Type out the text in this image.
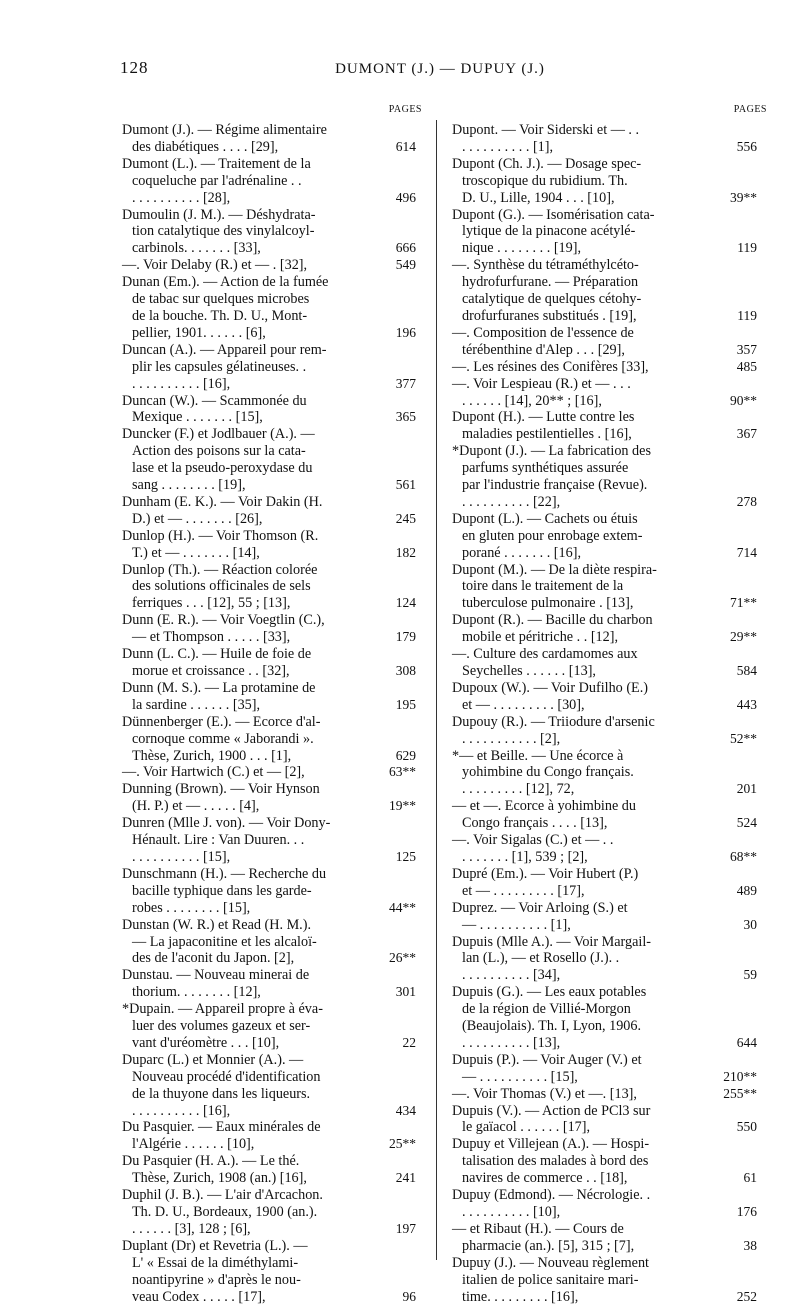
128	DUMONT (J.) — DUPUY (J.)
PAGES
Dumont (J.). — Régime alimentaire
des diabétiques . . . . [29],	614
Dumont (L.). — Traitement de la
coqueluche par l'adrénaline . .
. . . . . . . . . . [28],	496
Dumoulin (J. M.). — Déshydrata-
tion catalytique des vinylalcoyl-
carbinols. . . . . . . [33],	666
—. Voir Delaby (R.) et — . [32],	549
Dunan (Em.). — Action de la fumée
de tabac sur quelques microbes
de la bouche. Th. D. U., Mont-
pellier, 1901. . . . . . [6],	196
Duncan (A.). — Appareil pour rem-
plir les capsules gélatineuses. .
. . . . . . . . . . [16],	377
Duncan (W.). — Scammonée du
Mexique . . . . . . . [15],	365
Duncker (F.) et Jodlbauer (A.). —
Action des poisons sur la cata-
lase et la pseudo-peroxydase du
sang . . . . . . . . [19],	561
Dunham (E. K.). — Voir Dakin (H.
D.) et — . . . . . . . [26],	245
Dunlop (H.). — Voir Thomson (R.
T.) et — . . . . . . . [14],	182
Dunlop (Th.). — Réaction colorée
des solutions officinales de sels
ferriques . . . [12], 55 ; [13],	124
Dunn (E. R.). — Voir Voegtlin (C.),
— et Thompson . . . . . [33],	179
Dunn (L. C.). — Huile de foie de
morue et croissance . . [32],	308
Dunn (M. S.). — La protamine de
la sardine . . . . . . [35],	195
Dünnenberger (E.). — Ecorce d'al-
cornoque comme « Jaborandi ».
Thèse, Zurich, 1900 . . . [1],	629
—. Voir Hartwich (C.) et — [2],	63**
Dunning (Brown). — Voir Hynson
(H. P.) et — . . . . . [4],	19**
Dunren (Mlle J. von). — Voir Dony-
Hénault. Lire : Van Duuren. . .
. . . . . . . . . . [15],	125
Dunschmann (H.). — Recherche du
bacille typhique dans les garde-
robes . . . . . . . . [15],	44**
Dunstan (W. R.) et Read (H. M.).
— La japaconitine et les alcaloï-
des de l'aconit du Japon. [2],	26**
Dunstau. — Nouveau minerai de
thorium. . . . . . . . [12],	301
*Dupain. — Appareil propre à éva-
luer des volumes gazeux et ser-
vant d'uréomètre . . . [10],	22
Duparc (L.) et Monnier (A.). —
Nouveau procédé d'identification
de la thuyone dans les liqueurs.
. . . . . . . . . . [16],	434
Du Pasquier. — Eaux minérales de
l'Algérie . . . . . . [10],	25**
Du Pasquier (H. A.). — Le thé.
Thèse, Zurich, 1908 (an.) [16],	241
Duphil (J. B.). — L'air d'Arcachon.
Th. D. U., Bordeaux, 1900 (an.).
. . . . . . [3], 128 ; [6],	197
Duplant (Dr) et Revetria (L.). —
L' « Essai de la diméthylami-
noantipyrine » d'après le nou-
veau Codex . . . . . [17],	96
PAGES
Dupont. — Voir Siderski et — . .
. . . . . . . . . . [1],	556
Dupont (Ch. J.). — Dosage spec-
troscopique du rubidium. Th.
D. U., Lille, 1904 . . . [10],	39**
Dupont (G.). — Isomérisation cata-
lytique de la pinacone acétylé-
nique . . . . . . . . [19],	119
—. Synthèse du tétraméthylcéto-
hydrofurfurane. — Préparation
catalytique de quelques cétohy-
drofurfuranes substitués . [19],	119
—. Composition de l'essence de
térébenthine d'Alep . . . [29],	357
—. Les résines des Conifères [33],	485
—. Voir Lespieau (R.) et — . . .
. . . . . . [14], 20** ; [16],	90**
Dupont (H.). — Lutte contre les
maladies pestilentielles . [16],	367
*Dupont (J.). — La fabrication des
parfums synthétiques assurée
par l'industrie française (Revue).
. . . . . . . . . . [22],	278
Dupont (L.). — Cachets ou étuis
en gluten pour enrobage extem-
porané . . . . . . . [16],	714
Dupont (M.). — De la diète respira-
toire dans le traitement de la
tuberculose pulmonaire . [13],	71**
Dupont (R.). — Bacille du charbon
mobile et péritriche . . [12],	29**
—. Culture des cardamomes aux
Seychelles . . . . . . [13],	584
Dupoux (W.). — Voir Dufilho (E.)
et — . . . . . . . . . [30],	443
Dupouy (R.). — Triiodure d'arsenic
. . . . . . . . . . . [2],	52**
*— et Beille. — Une écorce à
yohimbine du Congo français.
. . . . . . . . . [12], 72,	201
— et —. Ecorce à yohimbine du
Congo français . . . . [13],	524
—. Voir Sigalas (C.) et — . .
. . . . . . . [1], 539 ; [2],	68**
Dupré (Em.). — Voir Hubert (P.)
et — . . . . . . . . . [17],	489
Duprez. — Voir Arloing (S.) et
— . . . . . . . . . . [1],	30
Dupuis (Mlle A.). — Voir Margail-
lan (L.), — et Rosello (J.). .
. . . . . . . . . . [34],	59
Dupuis (G.). — Les eaux potables
de la région de Villié-Morgon
(Beaujolais). Th. I, Lyon, 1906.
. . . . . . . . . . [13],	644
Dupuis (P.). — Voir Auger (V.) et
— . . . . . . . . . . [15],	210**
—. Voir Thomas (V.) et —. [13],	255**
Dupuis (V.). — Action de PCl3 sur
le gaïacol . . . . . . [17],	550
Dupuy et Villejean (A.). — Hospi-
talisation des malades à bord des
navires de commerce . . [18],	61
Dupuy (Edmond). — Nécrologie. .
. . . . . . . . . . [10],	176
— et Ribaut (H.). — Cours de
pharmacie (an.). [5], 315 ; [7],	38
Dupuy (J.). — Nouveau règlement
italien de police sanitaire mari-
time. . . . . . . . . [16],	252
